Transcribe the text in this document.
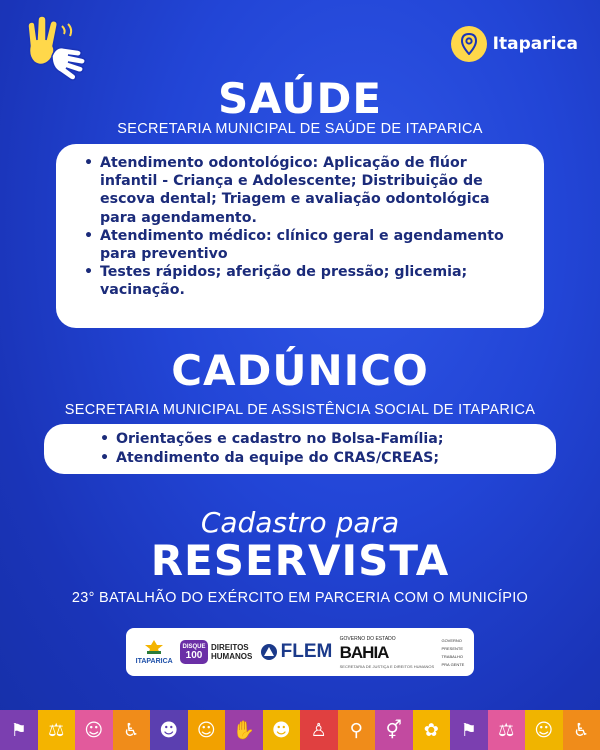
Itaparica
SAÚDE
SECRETARIA MUNICIPAL DE SAÚDE DE ITAPARICA
• Atendimento odontológico: Aplicação de flúor infantil - Criança e Adolescente; Distribuição de escova dental; Triagem e avaliação odontológica para agendamento.
• Atendimento médico: clínico geral e agendamento para preventivo
• Testes rápidos; aferição de pressão; glicemia; vacinação.
CADÚNICO
SECRETARIA MUNICIPAL DE ASSISTÊNCIA SOCIAL DE ITAPARICA
• Orientações e cadastro no Bolsa-Família;
• Atendimento da equipe do CRAS/CREAS;
Cadastro para
RESERVISTA
23° BATALHÃO DO EXÉRCITO EM PARCERIA COM O MUNICÍPIO
ITAPARICA
DISQUE
100
DIREITOS
HUMANOS FLEM
GOVERNO DO ESTADO
BAHIA
SECRETARIA DE JUSTIÇA E DIREITOS HUMANOS
GOVERNO
PRESENTE
TRABALHO
PRA GENTE
⚑ ⚖ ☺ ♿ ☻ ☺ ✋ ☻ ♙ ⚲ ⚥ ✿ ⚑ ⚖ ☺ ♿
